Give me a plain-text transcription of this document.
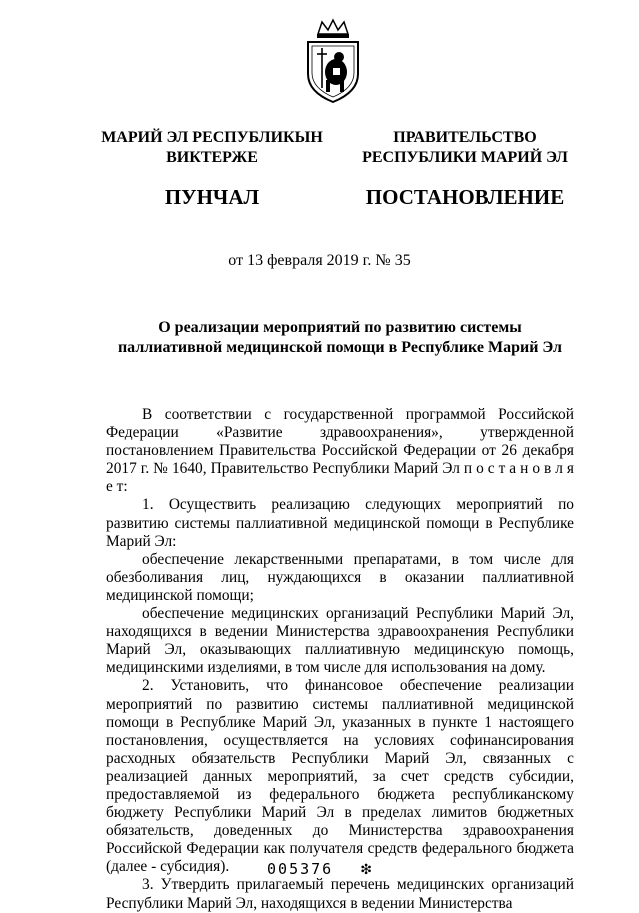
МАРИЙ ЭЛ РЕСПУБЛИКЫН
ВИКТЕРЖЕ
ПУНЧАЛ
ПРАВИТЕЛЬСТВО
РЕСПУБЛИКИ МАРИЙ ЭЛ
ПОСТАНОВЛЕНИЕ
от 13 февраля 2019 г. № 35
О реализации мероприятий по развитию системы
паллиативной медицинской помощи в Республике Марий Эл

В соответствии с государственной программой Российской Федерации «Развитие здравоохранения», утвержденной постановлением Правительства Российской Федерации от 26 декабря 2017 г. № 1640, Правительство Республики Марий Эл п о с т а н о в л я е т:

1. Осуществить реализацию следующих мероприятий по развитию системы паллиативной медицинской помощи в Республике Марий Эл:

обеспечение лекарственными препаратами, в том числе для обезболивания лиц, нуждающихся в оказании паллиативной медицинской помощи;

обеспечение медицинских организаций Республики Марий Эл, находящихся в ведении Министерства здравоохранения Республики Марий Эл, оказывающих паллиативную медицинскую помощь, медицинскими изделиями, в том числе для использования на дому.

2. Установить, что финансовое обеспечение реализации мероприятий по развитию системы паллиативной медицинской помощи в Республике Марий Эл, указанных в пункте 1 настоящего постановления, осуществляется на условиях софинансирования расходных обязательств Республики Марий Эл, связанных с реализацией данных мероприятий, за счет средств субсидии, предоставляемой из федерального бюджета республиканскому бюджету Республики Марий Эл в пределах лимитов бюджетных обязательств, доведенных до Министерства здравоохранения Российской Федерации как получателя средств федерального бюджета (далее - субсидия).

3. Утвердить прилагаемый перечень медицинских организаций Республики Марий Эл, находящихся в ведении Министерства

005376 ❇
